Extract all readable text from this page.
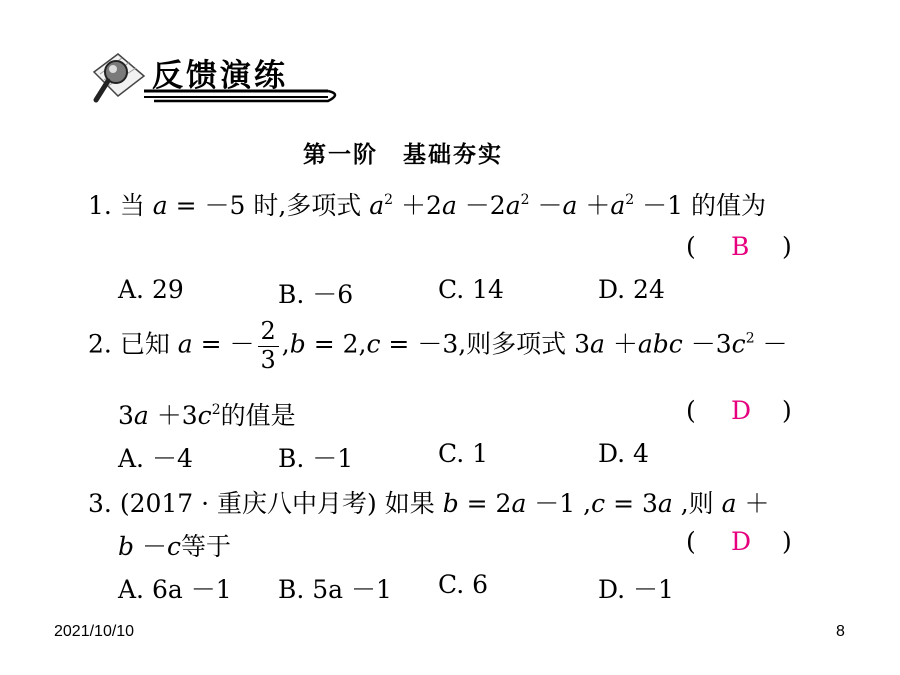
反馈演练
第一阶　基础夯实
1. 当 a = －5 时,多项式 $a^2 +2a -2a^2 -a +a^2 -1$ 的值为
( B )
A. 29	B. －6	C. 14	D. 24
2. 已知 a = － $\frac{2}{3} ,b = 2,c = -3$,则多项式 $3a +abc -3c^2$ －
$3a +3c^2$的值是	( D )
A. －4	B. －1	C. 1	D. 4
3. (2017 · 重庆八中月考) 如果 b = 2a －1 ,c = 3a ,则 a ＋
b －c等于	( D )
A. 6a －1 B. 5a －1 C. 6	D. －1
2021/10/10	8
